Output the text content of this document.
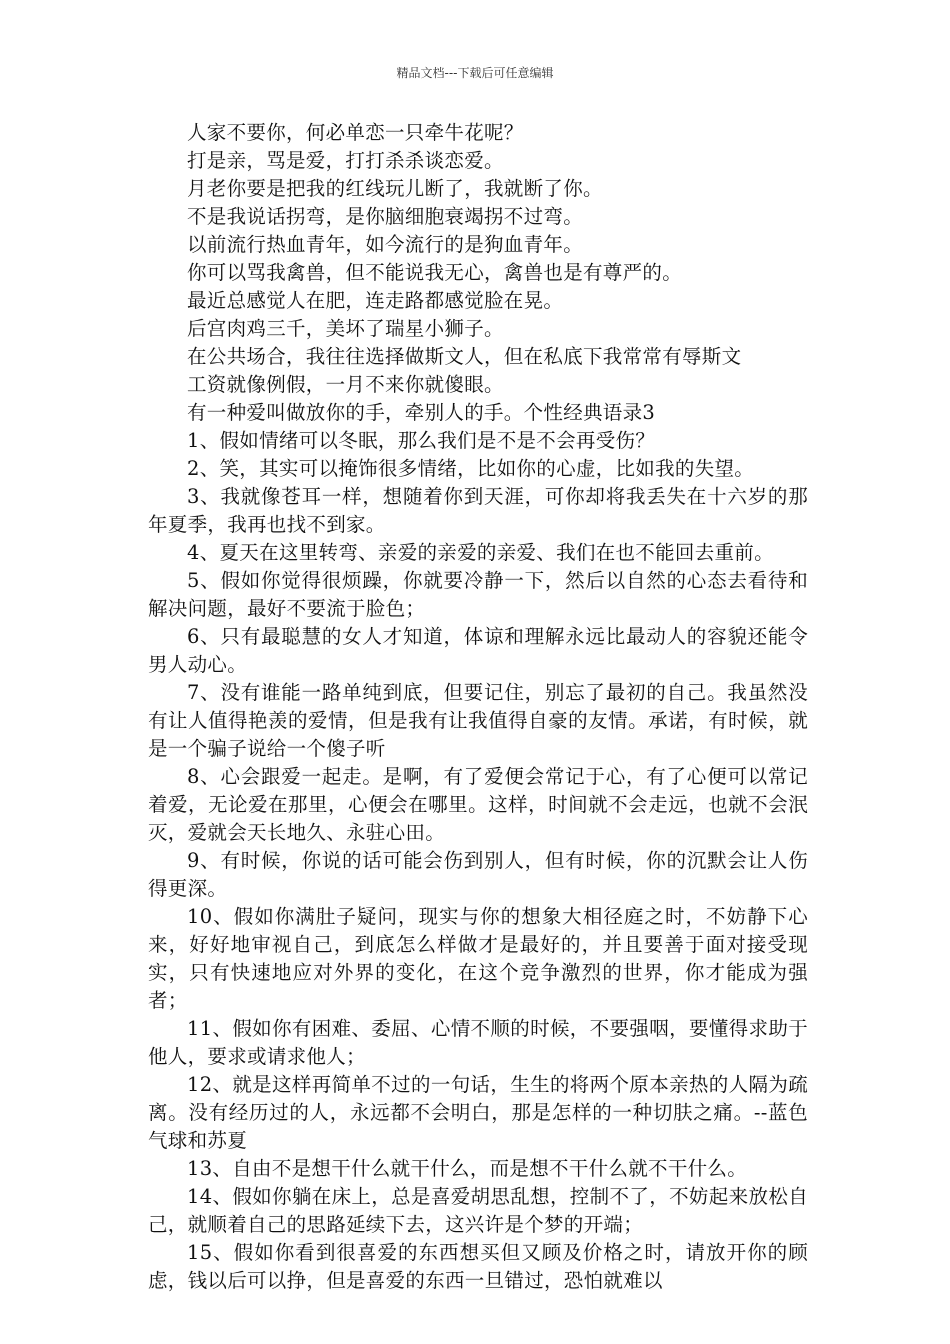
精品文档---下载后可任意编辑

人家不要你，何必单恋一只牵牛花呢？

打是亲，骂是爱，打打杀杀谈恋爱。

月老你要是把我的红线玩儿断了，我就断了你。

不是我说话拐弯，是你脑细胞衰竭拐不过弯。

以前流行热血青年，如今流行的是狗血青年。

你可以骂我禽兽，但不能说我无心，禽兽也是有尊严的。

最近总感觉人在肥，连走路都感觉脸在晃。

后宫肉鸡三千，美坏了瑞星小狮子。

在公共场合，我往往选择做斯文人，但在私底下我常常有辱斯文

工资就像例假，一月不来你就傻眼。

有一种爱叫做放你的手，牵别人的手。个性经典语录3

1、假如情绪可以冬眠，那么我们是不是不会再受伤？

2、笑，其实可以掩饰很多情绪，比如你的心虚，比如我的失望。

3、我就像苍耳一样，想随着你到天涯，可你却将我丢失在十六岁的那年夏季，我再也找不到家。

4、夏天在这里转弯、亲爱的亲爱的亲爱、我们在也不能回去重前。

5、假如你觉得很烦躁，你就要冷静一下，然后以自然的心态去看待和解决问题，最好不要流于脸色；

6、只有最聪慧的女人才知道，体谅和理解永远比最动人的容貌还能令男人动心。

7、没有谁能一路单纯到底，但要记住，别忘了最初的自己。我虽然没有让人值得艳羡的爱情，但是我有让我值得自豪的友情。承诺，有时候，就是一个骗子说给一个傻子听

8、心会跟爱一起走。是啊，有了爱便会常记于心，有了心便可以常记着爱，无论爱在那里，心便会在哪里。这样，时间就不会走远，也就不会泯灭，爱就会天长地久、永驻心田。

9、有时候，你说的话可能会伤到别人，但有时候，你的沉默会让人伤得更深。

10、假如你满肚子疑问，现实与你的想象大相径庭之时，不妨静下心来，好好地审视自己，到底怎么样做才是最好的，并且要善于面对接受现实，只有快速地应对外界的变化，在这个竞争激烈的世界，你才能成为强者；

11、假如你有困难、委屈、心情不顺的时候，不要强咽，要懂得求助于他人，要求或请求他人；

12、就是这样再简单不过的一句话，生生的将两个原本亲热的人隔为疏离。没有经历过的人，永远都不会明白，那是怎样的一种切肤之痛。--蓝色气球和苏夏

13、自由不是想干什么就干什么，而是想不干什么就不干什么。

14、假如你躺在床上，总是喜爱胡思乱想，控制不了，不妨起来放松自己，就顺着自己的思路延续下去，这兴许是个梦的开端；

15、假如你看到很喜爱的东西想买但又顾及价格之时，请放开你的顾虑，钱以后可以挣，但是喜爱的东西一旦错过，恐怕就难以
